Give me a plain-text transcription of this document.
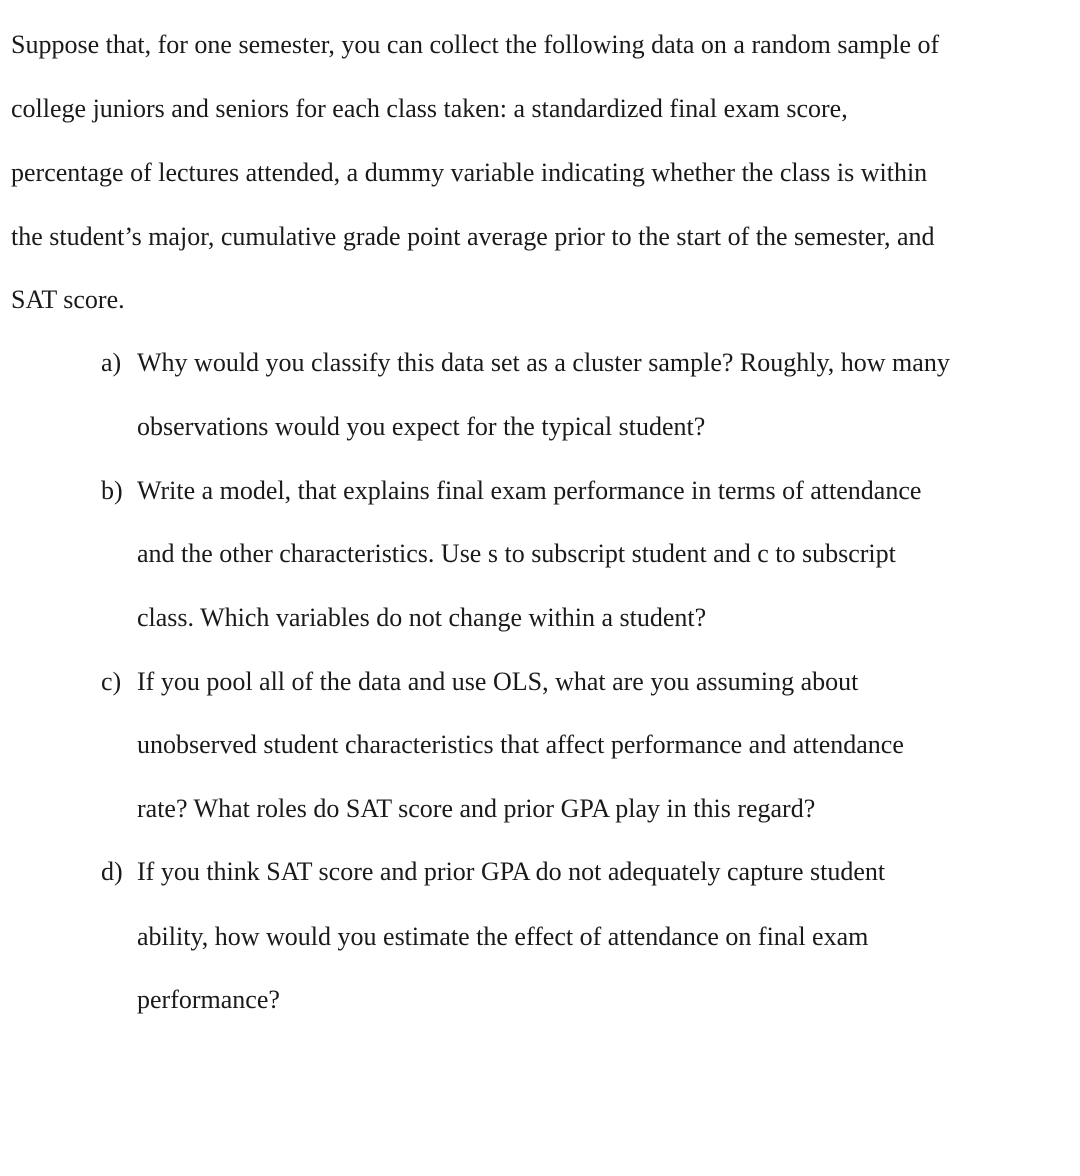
Suppose that, for one semester, you can collect the following data on a random sample of
college juniors and seniors for each class taken: a standardized final exam score,
percentage of lectures attended, a dummy variable indicating whether the class is within
the student’s major, cumulative grade point average prior to the start of the semester, and
SAT score.
a) Why would you classify this data set as a cluster sample? Roughly, how many
observations would you expect for the typical student?
b) Write a model, that explains final exam performance in terms of attendance
and the other characteristics. Use s to subscript student and c to subscript
class. Which variables do not change within a student?
c) If you pool all of the data and use OLS, what are you assuming about
unobserved student characteristics that affect performance and attendance
rate? What roles do SAT score and prior GPA play in this regard?
d) If you think SAT score and prior GPA do not adequately capture student
ability, how would you estimate the effect of attendance on final exam
performance?
